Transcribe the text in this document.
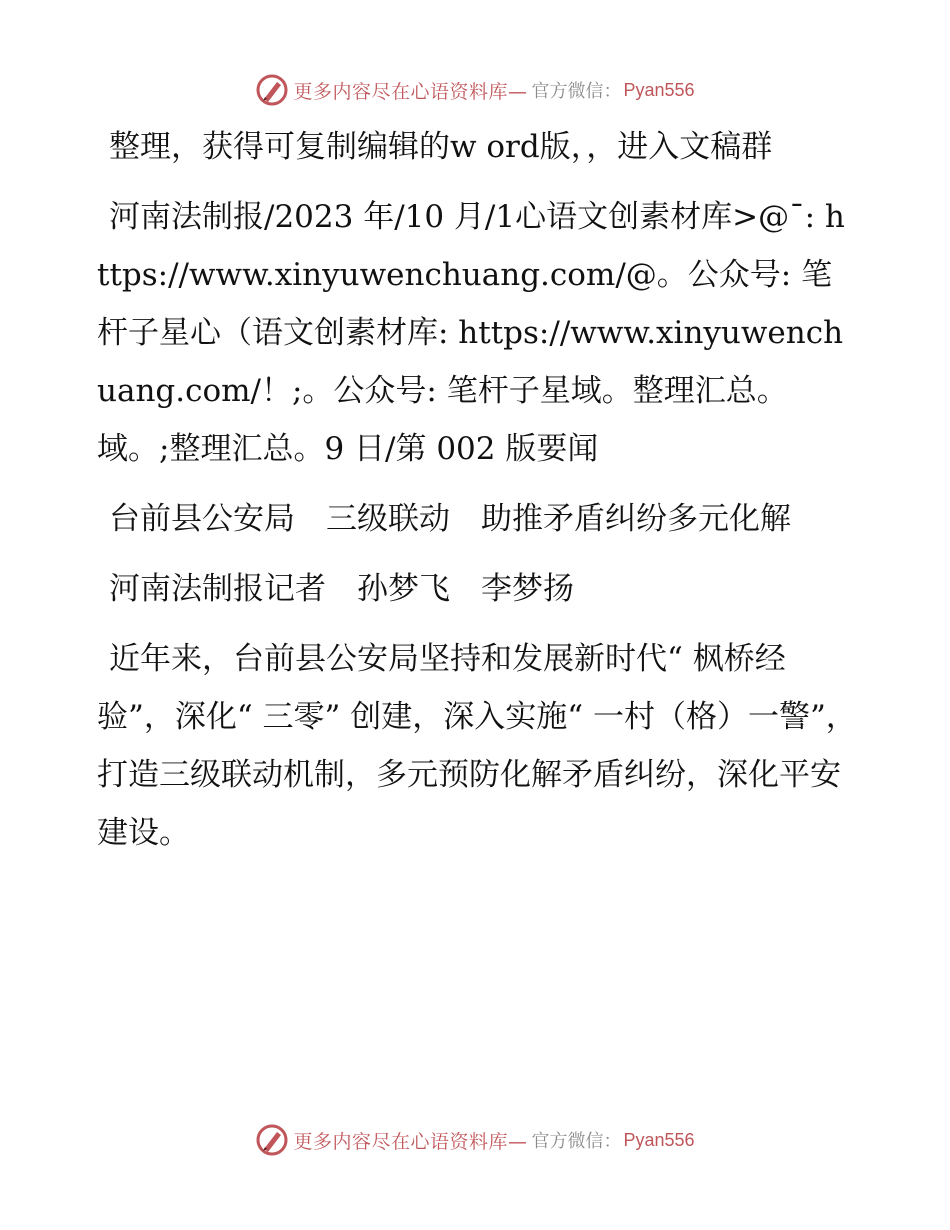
更多内容尽在心语资料库— 官方微信： Pyan556

整理，获得可复制编辑的w ord版，，进入文稿群

河南法制报/2023 年/10 月/1心语文创素材库>@¯: https://www.xinyuwenchuang.com/@。公众号: 笔杆子星心（语文创素材库: https://www.xinyuwenchuang.com/！;。公众号: 笔杆子星域。整理汇总。域。;整理汇总。9 日/第 002 版要闻

台前县公安局　三级联动　助推矛盾纠纷多元化解

河南法制报记者　孙梦飞　李梦扬

近年来，台前县公安局坚持和发展新时代“ 枫桥经验”，深化“ 三零” 创建，深入实施“ 一村（格）一警”，打造三级联动机制，多元预防化解矛盾纠纷，深化平安建设。

更多内容尽在心语资料库— 官方微信： Pyan556
